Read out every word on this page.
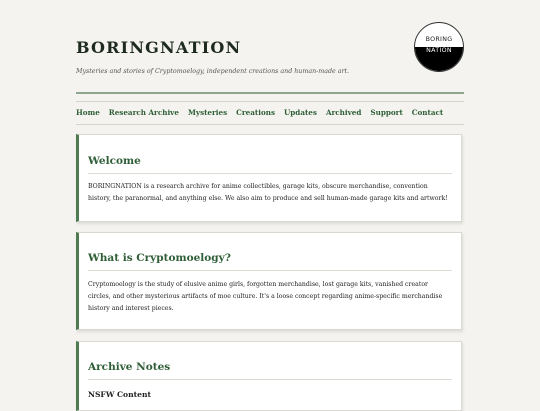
BORINGNATION
Mysteries and stories of Cryptomoelogy, independent creations and human-made art.
BORING
NATION
Home Research Archive Mysteries Creations Updates Archived Support Contact
Welcome

BORINGNATION is a research archive for anime collectibles, garage kits, obscure merchandise, convention history, the paranormal, and anything else. We also aim to produce and sell human-made garage kits and artwork!

What is Cryptomoelogy?

Cryptomoelogy is the study of elusive anime girls, forgotten merchandise, lost garage kits, vanished creator circles, and other mysterious artifacts of moe culture. It's a loose concept regarding anime-specific merchandise history and interest pieces.

Archive Notes
NSFW Content
